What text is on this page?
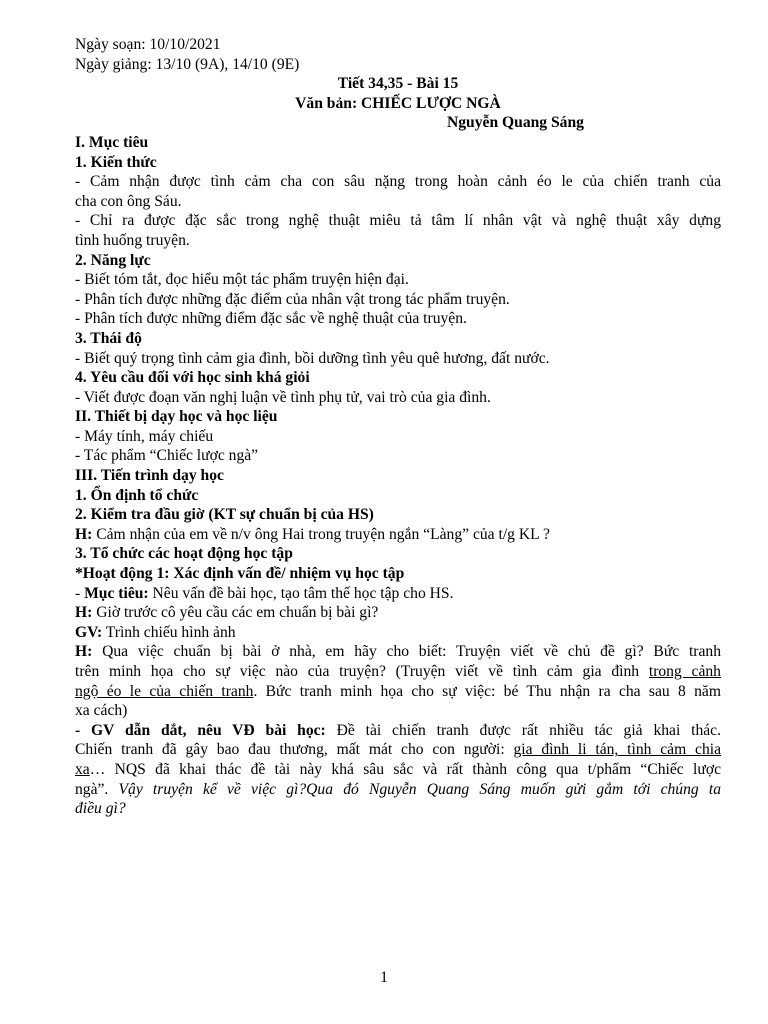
Ngày soạn: 10/10/2021
Ngày giảng: 13/10 (9A), 14/10 (9E)
Tiết 34,35 - Bài 15
Văn bản: CHIẾC LƯỢC NGÀ
Nguyễn Quang Sáng
I. Mục tiêu
1. Kiến thức
- Cảm nhận được tình cảm cha con sâu nặng trong hoàn cảnh éo le của chiến tranh của
cha con ông Sáu.
- Chỉ ra được đặc sắc trong nghệ thuật miêu tả tâm lí nhân vật và nghệ thuật xây dựng
tình huống truyện.
2. Năng lực
- Biết tóm tắt, đọc hiểu một tác phẩm truyện hiện đại.
- Phân tích được những đặc điểm của nhân vật trong tác phẩm truyện.
- Phân tích được những điểm đặc sắc về nghệ thuật của truyện.
3. Thái độ
- Biết quý trọng tình cảm gia đình, bồi dưỡng tình yêu quê hương, đất nước.
4. Yêu cầu đối với học sinh khá giỏi
- Viết được đoạn văn nghị luận về tình phụ tử, vai trò của gia đình.
II. Thiết bị dạy học và học liệu
- Máy tính, máy chiếu
- Tác phẩm “Chiếc lược ngà”
III. Tiến trình dạy học
1. Ổn định tổ chức
2. Kiểm tra đầu giờ (KT sự chuẩn bị của HS)
H: Cảm nhận của em về n/v ông Hai trong truyện ngắn “Làng” của t/g KL ?
3. Tổ chức các hoạt động học tập
*Hoạt động 1: Xác định vấn đề/ nhiệm vụ học tập
- Mục tiêu: Nêu vấn đề bài học, tạo tâm thế học tập cho HS.
H: Giờ trước cô yêu cầu các em chuẩn bị bài gì?
GV: Trình chiếu hình ảnh
H: Qua việc chuẩn bị bài ở nhà, em hãy cho biết: Truyện viết về chủ đề gì? Bức tranh
trên minh họa cho sự việc nào của truyện? (Truyện viết về tình cảm gia đình trong cảnh
ngộ éo le của chiến tranh. Bức tranh minh họa cho sự việc: bé Thu nhận ra cha sau 8 năm
xa cách)
- GV dẫn dắt, nêu VĐ bài học: Đề tài chiến tranh được rất nhiều tác giả khai thác.
Chiến tranh đã gây bao đau thương, mất mát cho con người: gia đình li tán, tình cảm chia
xa… NQS đã khai thác đề tài này khá sâu sắc và rất thành công qua t/phẩm “Chiếc lược
ngà”. Vậy truyện kể về việc gì?Qua đó Nguyễn Quang Sáng muốn gửi gắm tới chúng ta
điều gì?
1
